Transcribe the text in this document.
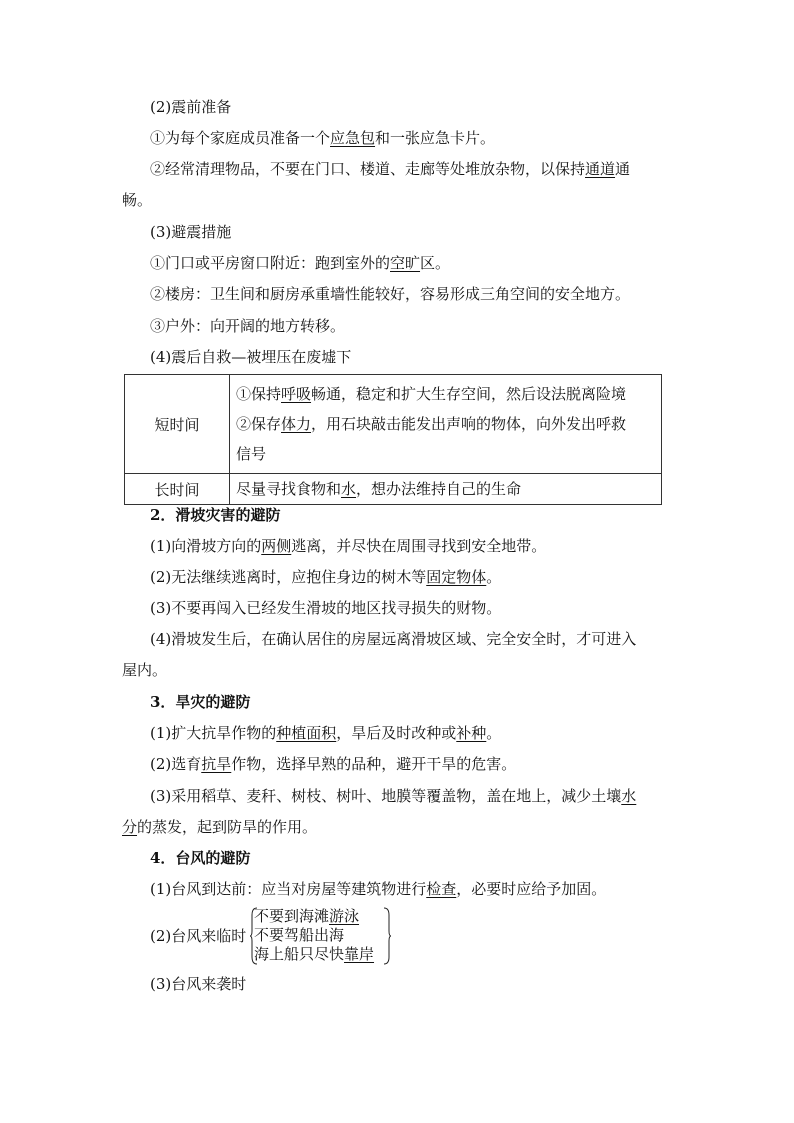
(2)震前准备
①为每个家庭成员准备一个应急包和一张应急卡片。
②经常清理物品，不要在门口、楼道、走廊等处堆放杂物，以保持通道通
畅。
(3)避震措施
①门口或平房窗口附近：跑到室外的空旷区。
②楼房：卫生间和厨房承重墙性能较好，容易形成三角空间的安全地方。
③户外：向开阔的地方转移。
(4)震后自救—被埋压在废墟下
短时间	①保持呼吸畅通，稳定和扩大生存空间，然后设法脱离险境
②保存体力，用石块敲击能发出声响的物体，向外发出呼救
信号

长时间	尽量寻找食物和水，想办法维持自己的生命
2．滑坡灾害的避防
(1)向滑坡方向的两侧逃离，并尽快在周围寻找到安全地带。
(2)无法继续逃离时，应抱住身边的树木等固定物体。
(3)不要再闯入已经发生滑坡的地区找寻损失的财物。
(4)滑坡发生后，在确认居住的房屋远离滑坡区域、完全安全时，才可进入
屋内。
3．旱灾的避防
(1)扩大抗旱作物的种植面积，旱后及时改种或补种。
(2)选育抗旱作物，选择早熟的品种，避开干旱的危害。
(3)采用稻草、麦秆、树枝、树叶、地膜等覆盖物，盖在地上，减少土壤水
分的蒸发，起到防旱的作用。
4．台风的避防
(1)台风到达前：应当对房屋等建筑物进行检查，必要时应给予加固。
(2)台风来临时
不要到海滩游泳
不要驾船出海
海上船只尽快靠岸
(3)台风来袭时
